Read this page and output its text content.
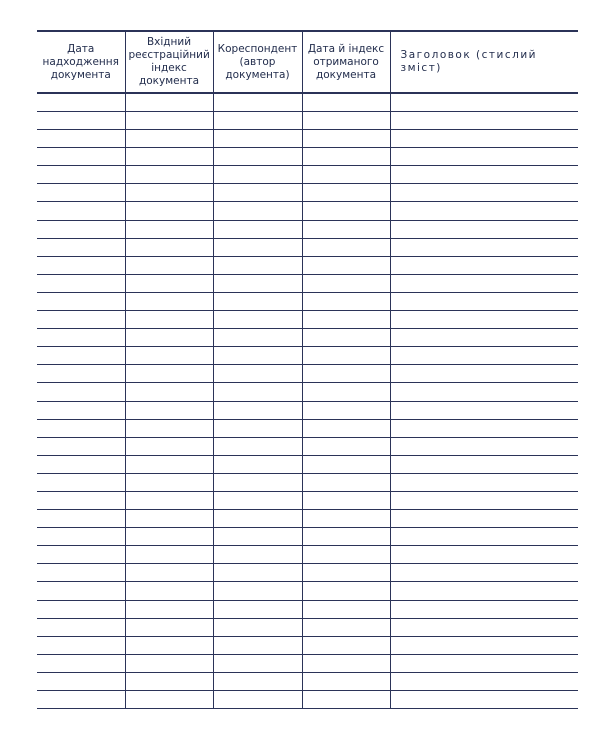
Дата надходження документа	Вхідний реєстраційний індекс документа	Кореспондент (автор документа)	Дата й індекс отриманого документа	Заголовок (стислий зміст)
